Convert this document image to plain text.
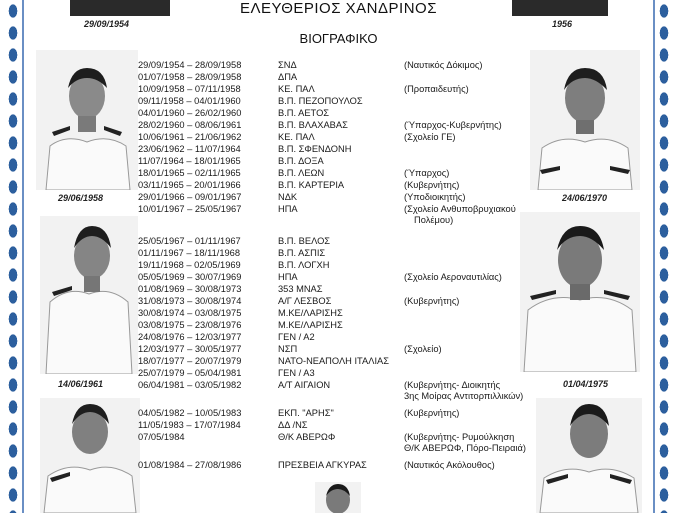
29/09/1954	1956
ΕΛΕΥΘΕΡΙΟΣ ΧΑΝΔΡΙΝΟΣ
ΒΙΟΓΡΑΦΙΚΟ
29/06/1958	24/06/1970
14/06/1961	01/04/1975
29/09/1954 – 28/09/1958	ΣΝΔ	(Ναυτικός Δόκιμος)
01/07/1958 – 28/09/1958	ΔΠΑ
10/09/1958 – 07/11/1958	ΚΕ. ΠΑΛ	(Προπαιδευτής)
09/11/1958 – 04/01/1960	Β.Π. ΠΕΖΟΠΟΥΛΟΣ
04/01/1960 – 26/02/1960	Β.Π. ΑΕΤΟΣ
28/02/1960 – 08/06/1961	Β.Π. ΒΛΑΧΑΒΑΣ	(Ύπαρχος-Κυβερνήτης)
10/06/1961 – 21/06/1962	ΚΕ. ΠΑΛ	(Σχολείο ΓΕ)
23/06/1962 – 11/07/1964	Β.Π. ΣΦΕΝΔΟΝΗ
11/07/1964 – 18/01/1965	Β.Π. ΔΟΞΑ
18/01/1965 – 02/11/1965	Β.Π. ΛΕΩΝ	(Ύπαρχος)
03/11/1965 – 20/01/1966	Β.Π. ΚΑΡΤΕΡΙΑ	(Κυβερνήτης)
29/01/1966 – 09/01/1967	ΝΔΚ	(Υποδιοικητής)
10/01/1967 – 25/05/1967	ΗΠΑ	(Σχολείο Ανθυποβρυχιακού
Πολέμου)
25/05/1967 – 01/11/1967	Β.Π. ΒΕΛΟΣ
01/11/1967 – 18/11/1968	Β.Π. ΑΣΠΙΣ
19/11/1968 – 02/05/1969	Β.Π. ΛΟΓΧΗ
05/05/1969 – 30/07/1969	ΗΠΑ	(Σχολείο Αεροναυτιλίας)
01/08/1969 – 30/08/1973	353 ΜΝΑΣ
31/08/1973 – 30/08/1974	Α/Γ ΛΕΣΒΟΣ	(Κυβερνήτης)
30/08/1974 – 03/08/1975	Μ.ΚΕ/ΛΑΡΙΣΗΣ
03/08/1975 – 23/08/1976	Μ.ΚΕ/ΛΑΡΙΣΗΣ
24/08/1976 – 12/03/1977	ΓΕΝ / Α2
12/03/1977 – 30/05/1977	ΝΣΠ	(Σχολείο)
18/07/1977 – 20/07/1979	ΝΑΤΟ-ΝΕΑΠΟΛΗ ΙΤΑΛΙΑΣ
25/07/1979 – 05/04/1981	ΓΕΝ / Α3
06/04/1981 – 03/05/1982	Α/Τ ΑΙΓΑΙΟΝ	(Κυβερνήτης- Διοικητής
3ης Μοίρας Αντιτορπιλλικών)
04/05/1982 – 10/05/1983	ΕΚΠ. "ΑΡΗΣ"	(Κυβερνήτης)
11/05/1983 – 17/07/1984	ΔΔ /ΝΣ
07/05/1984	Θ/Κ ΑΒΕΡΩΦ	(Κυβερνήτης- Ρυμούλκηση
Θ/Κ ΑΒΕΡΩΦ, Πόρο-Πειραιά)
01/08/1984 – 27/08/1986	ΠΡΕΣΒΕΙΑ ΑΓΚΥΡΑΣ	(Ναυτικός Ακόλουθος)
